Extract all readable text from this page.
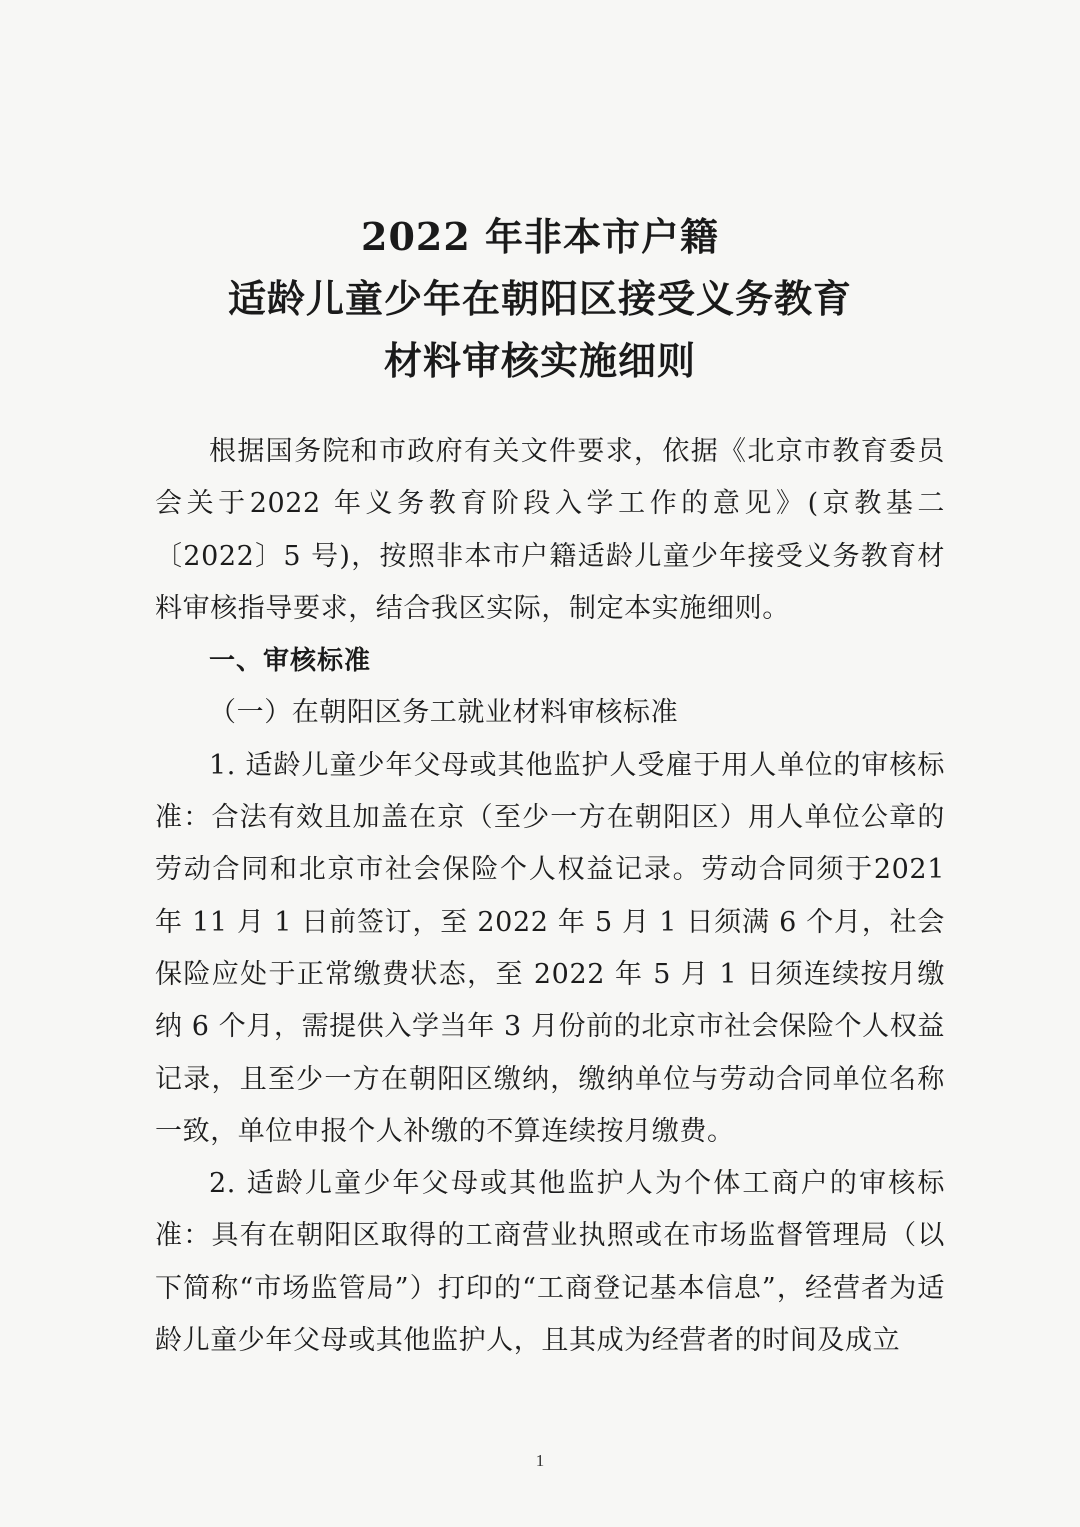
2022 年非本市户籍
适龄儿童少年在朝阳区接受义务教育
材料审核实施细则

根据国务院和市政府有关文件要求，依据《北京市教育委员会关于2022 年义务教育阶段入学工作的意见》(京教基二〔2022〕5 号)，按照非本市户籍适龄儿童少年接受义务教育材料审核指导要求，结合我区实际，制定本实施细则。

一、审核标准

（一）在朝阳区务工就业材料审核标准

1. 适龄儿童少年父母或其他监护人受雇于用人单位的审核标准：合法有效且加盖在京（至少一方在朝阳区）用人单位公章的劳动合同和北京市社会保险个人权益记录。劳动合同须于2021 年 11 月 1 日前签订，至 2022 年 5 月 1 日须满 6 个月，社会保险应处于正常缴费状态，至 2022 年 5 月 1 日须连续按月缴纳 6 个月，需提供入学当年 3 月份前的北京市社会保险个人权益记录，且至少一方在朝阳区缴纳，缴纳单位与劳动合同单位名称一致，单位申报个人补缴的不算连续按月缴费。

2. 适龄儿童少年父母或其他监护人为个体工商户的审核标准：具有在朝阳区取得的工商营业执照或在市场监督管理局（以下简称“市场监管局”）打印的“工商登记基本信息”，经营者为适龄儿童少年父母或其他监护人，且其成为经营者的时间及成立

1
